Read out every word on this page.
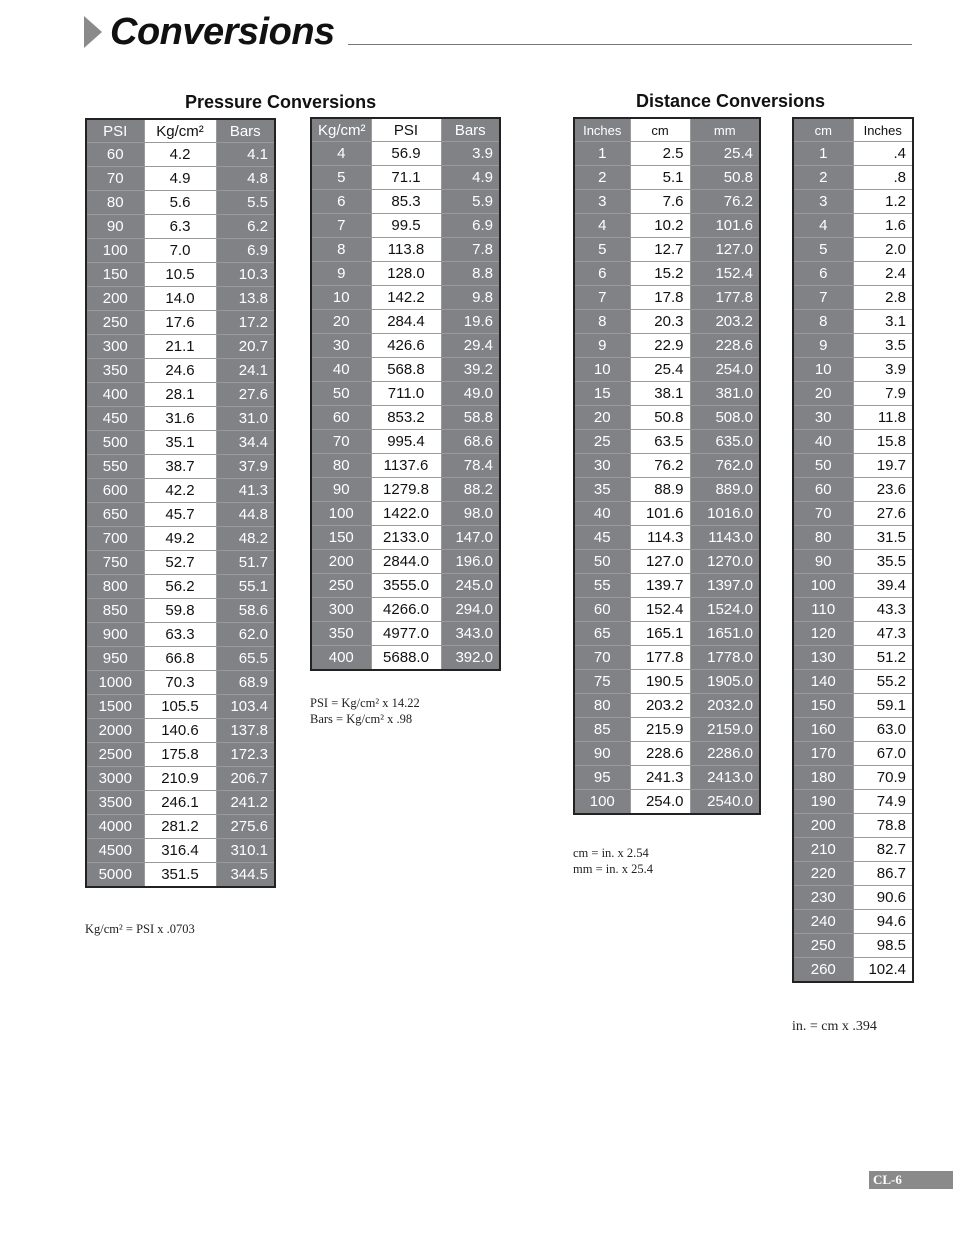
Conversions
Pressure Conversions	Distance Conversions
PSI	Kg/cm²	Bars
60	4.2	4.1
70	4.9	4.8
80	5.6	5.5
90	6.3	6.2
100	7.0	6.9
150	10.5	10.3
200	14.0	13.8
250	17.6	17.2
300	21.1	20.7
350	24.6	24.1
400	28.1	27.6
450	31.6	31.0
500	35.1	34.4
550	38.7	37.9
600	42.2	41.3
650	45.7	44.8
700	49.2	48.2
750	52.7	51.7
800	56.2	55.1
850	59.8	58.6
900	63.3	62.0
950	66.8	65.5
1000	70.3	68.9
1500	105.5	103.4
2000	140.6	137.8
2500	175.8	172.3
3000	210.9	206.7
3500	246.1	241.2
4000	281.2	275.6
4500	316.4	310.1
5000	351.5	344.5
Kg/cm² = PSI x .0703
Kg/cm²	PSI	Bars
4	56.9	3.9
5	71.1	4.9
6	85.3	5.9
7	99.5	6.9
8	113.8	7.8
9	128.0	8.8
10	142.2	9.8
20	284.4	19.6
30	426.6	29.4
40	568.8	39.2
50	711.0	49.0
60	853.2	58.8
70	995.4	68.6
80	1137.6	78.4
90	1279.8	88.2
100	1422.0	98.0
150	2133.0	147.0
200	2844.0	196.0
250	3555.0	245.0
300	4266.0	294.0
350	4977.0	343.0
400	5688.0	392.0
PSI = Kg/cm² x 14.22
Bars = Kg/cm² x .98
Inches	cm	mm
1	2.5	25.4
2	5.1	50.8
3	7.6	76.2
4	10.2	101.6
5	12.7	127.0
6	15.2	152.4
7	17.8	177.8
8	20.3	203.2
9	22.9	228.6
10	25.4	254.0
15	38.1	381.0
20	50.8	508.0
25	63.5	635.0
30	76.2	762.0
35	88.9	889.0
40	101.6	1016.0
45	114.3	1143.0
50	127.0	1270.0
55	139.7	1397.0
60	152.4	1524.0
65	165.1	1651.0
70	177.8	1778.0
75	190.5	1905.0
80	203.2	2032.0
85	215.9	2159.0
90	228.6	2286.0
95	241.3	2413.0
100	254.0	2540.0
cm = in. x 2.54
mm = in. x 25.4
cm	Inches
1	.4
2	.8
3	1.2
4	1.6
5	2.0
6	2.4
7	2.8
8	3.1
9	3.5
10	3.9
20	7.9
30	11.8
40	15.8
50	19.7
60	23.6
70	27.6
80	31.5
90	35.5
100	39.4
110	43.3
120	47.3
130	51.2
140	55.2
150	59.1
160	63.0
170	67.0
180	70.9
190	74.9
200	78.8
210	82.7
220	86.7
230	90.6
240	94.6
250	98.5
260	102.4
in. = cm x .394
CL-6
